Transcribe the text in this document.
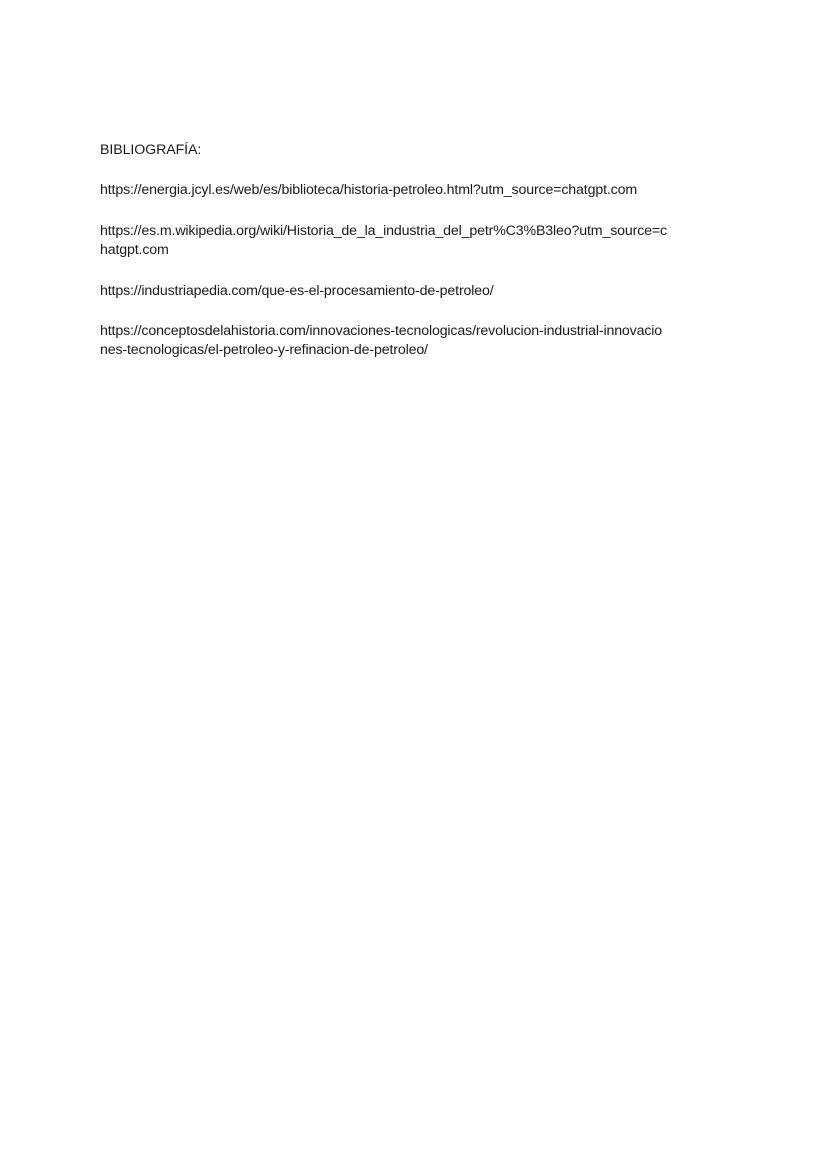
BIBLIOGRAFÍA:
https://energia.jcyl.es/web/es/biblioteca/historia-petroleo.html?utm_source=chatgpt.com
https://es.m.wikipedia.org/wiki/Historia_de_la_industria_del_petr%C3%B3leo?utm_source=c
hatgpt.com
https://industriapedia.com/que-es-el-procesamiento-de-petroleo/
https://conceptosdelahistoria.com/innovaciones-tecnologicas/revolucion-industrial-innovacio
nes-tecnologicas/el-petroleo-y-refinacion-de-petroleo/
